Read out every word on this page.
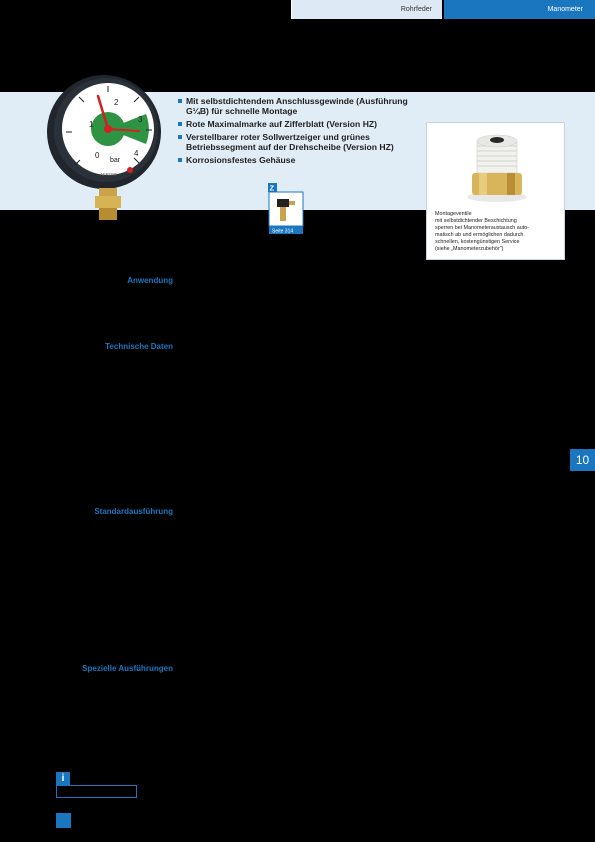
Rohrfeder	Manometer
0
1
2
3
4
bar
AFRISO
Mit selbstdichtendem Anschlussgewinde (Ausführung G¼B) für schnelle Montage
Rote Maximalmarke auf Zifferblatt (Version HZ)
Verstellbarer roter Sollwertzeiger und grünes Betriebssegment auf der Drehscheibe (Version HZ)
Korrosionsfestes Gehäuse
Z
Seite 314

Montageventile
mit selbstdichtender Beschichtung
sperren bei Manometeraustausch auto-
matisch ab und ermöglichen dadurch
schnellen, kostengünstigen Service
(siehe „Manometerzubehör")

Anwendung
Technische Daten
Standardausführung
Spezielle Ausführungen
10
i
